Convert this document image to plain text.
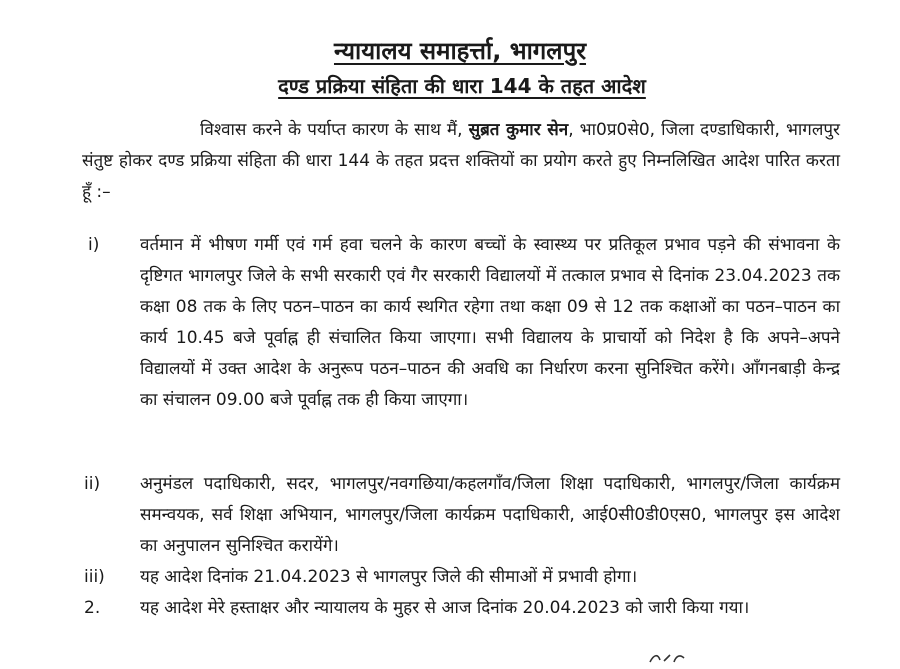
न्यायालय समाहर्त्ता, भागलपुर
दण्ड प्रक्रिया संहिता की धारा 144 के तहत आदेश
विश्वास करने के पर्याप्त कारण के साथ मैं, सुब्रत कुमार सेन, भा0प्र0से0, जिला दण्डाधिकारी, भागलपुर संतुष्ट होकर दण्ड प्रक्रिया संहिता की धारा 144 के तहत प्रदत्त शक्तियों का प्रयोग करते हुए निम्नलिखित आदेश पारित करता हूँ :–
i) वर्तमान में भीषण गर्मी एवं गर्म हवा चलने के कारण बच्चों के स्वास्थ्य पर प्रतिकूल प्रभाव पड़ने की संभावना के दृष्टिगत भागलपुर जिले के सभी सरकारी एवं गैर सरकारी विद्यालयों में तत्काल प्रभाव से दिनांक 23.04.2023 तक कक्षा 08 तक के लिए पठन–पाठन का कार्य स्थगित रहेगा तथा कक्षा 09 से 12 तक कक्षाओं का पठन–पाठन का कार्य 10.45 बजे पूर्वाह्न ही संचालित किया जाएगा। सभी विद्यालय के प्राचार्यो को निदेश है कि अपने–अपने विद्यालयों में उक्त आदेश के अनुरूप पठन–पाठन की अवधि का निर्धारण करना सुनिश्चित करेंगे। आँगनबाड़ी केन्द्र का संचालन 09.00 बजे पूर्वाह्न तक ही किया जाएगा।
ii) अनुमंडल पदाधिकारी, सदर, भागलपुर/नवगछिया/कहलगाँव/जिला शिक्षा पदाधिकारी, भागलपुर/जिला कार्यक्रम समन्वयक, सर्व शिक्षा अभियान, भागलपुर/जिला कार्यक्रम पदाधिकारी, आई0सी0डी0एस0, भागलपुर इस आदेश का अनुपालन सुनिश्चित करायेंगे।
iii) यह आदेश दिनांक 21.04.2023 से भागलपुर जिले की सीमाओं में प्रभावी होगा।
2.	यह आदेश मेरे हस्ताक्षर और न्यायालय के मुहर से आज दिनांक 20.04.2023 को जारी किया गया।
